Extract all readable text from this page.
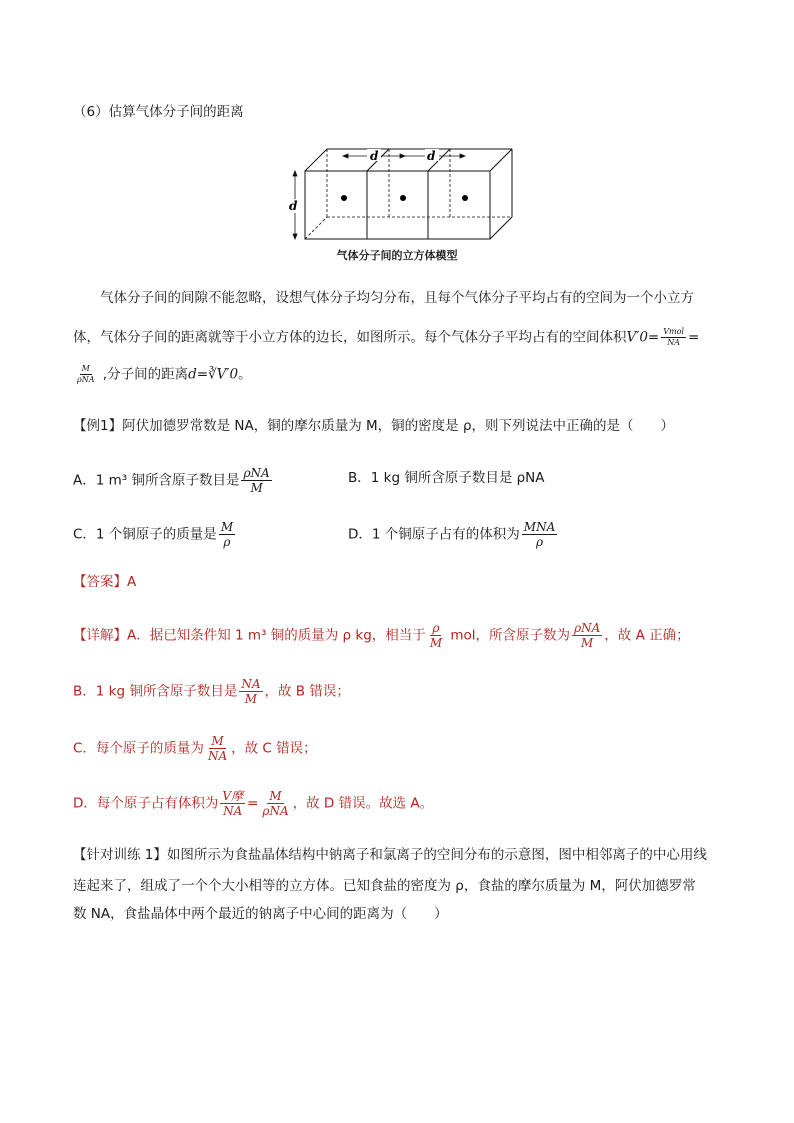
（6）估算气体分子间的距离
d	d
d
气体分子间的立方体模型
气体分子间的间隙不能忽略，设想气体分子均匀分布，且每个气体分子平均占有的空间为一个小立方
体，气体分子间的距离就等于小立方体的边长，如图所示。每个气体分子平均占有的空间体积$V'0= \frac{\text{Vmol}}{NA}$ =
$\frac{M}{\text{ρNA}}$ ,分子间的距离d=∛V′0。
【例1】阿伏加德罗常数是 NA，铜的摩尔质量为 M，铜的密度是 ρ，则下列说法中正确的是（　　）
A．1 m³ 铜所含原子数目是 $\frac{\text{ρNA}}{M}$	B．1 kg 铜所含原子数目是 ρNA
C．1 个铜原子的质量是 $\frac{M}{\rho}$	D．1 个铜原子占有的体积为 $\frac{\text{MNA}}{\rho}$
【答案】A
【详解】A．据已知条件知 1 m³ 铜的质量为 ρ kg，相当于 $\frac{\rho}{M}$ mol，所含原子数为 $\frac{\text{ρNA}}{M}$ ，故 A 正确；
B．1 kg 铜所含原子数目是 $\frac{NA}{M}$ ，故 B 错误；
C．每个原子的质量为 $\frac{M}{NA}$ ，故 C 错误；
D．每个原子占有体积为 $\frac{\text{V摩}}{NA} = \frac{M}{\text{ρNA}}$ ，故 D 错误。故选 A。
【针对训练 1】如图所示为食盐晶体结构中钠离子和氯离子的空间分布的示意图，图中相邻离子的中心用线
连起来了，组成了一个个大小相等的立方体。已知食盐的密度为 ρ，食盐的摩尔质量为 M，阿伏加德罗常
数 NA，食盐晶体中两个最近的钠离子中心间的距离为（　　）
